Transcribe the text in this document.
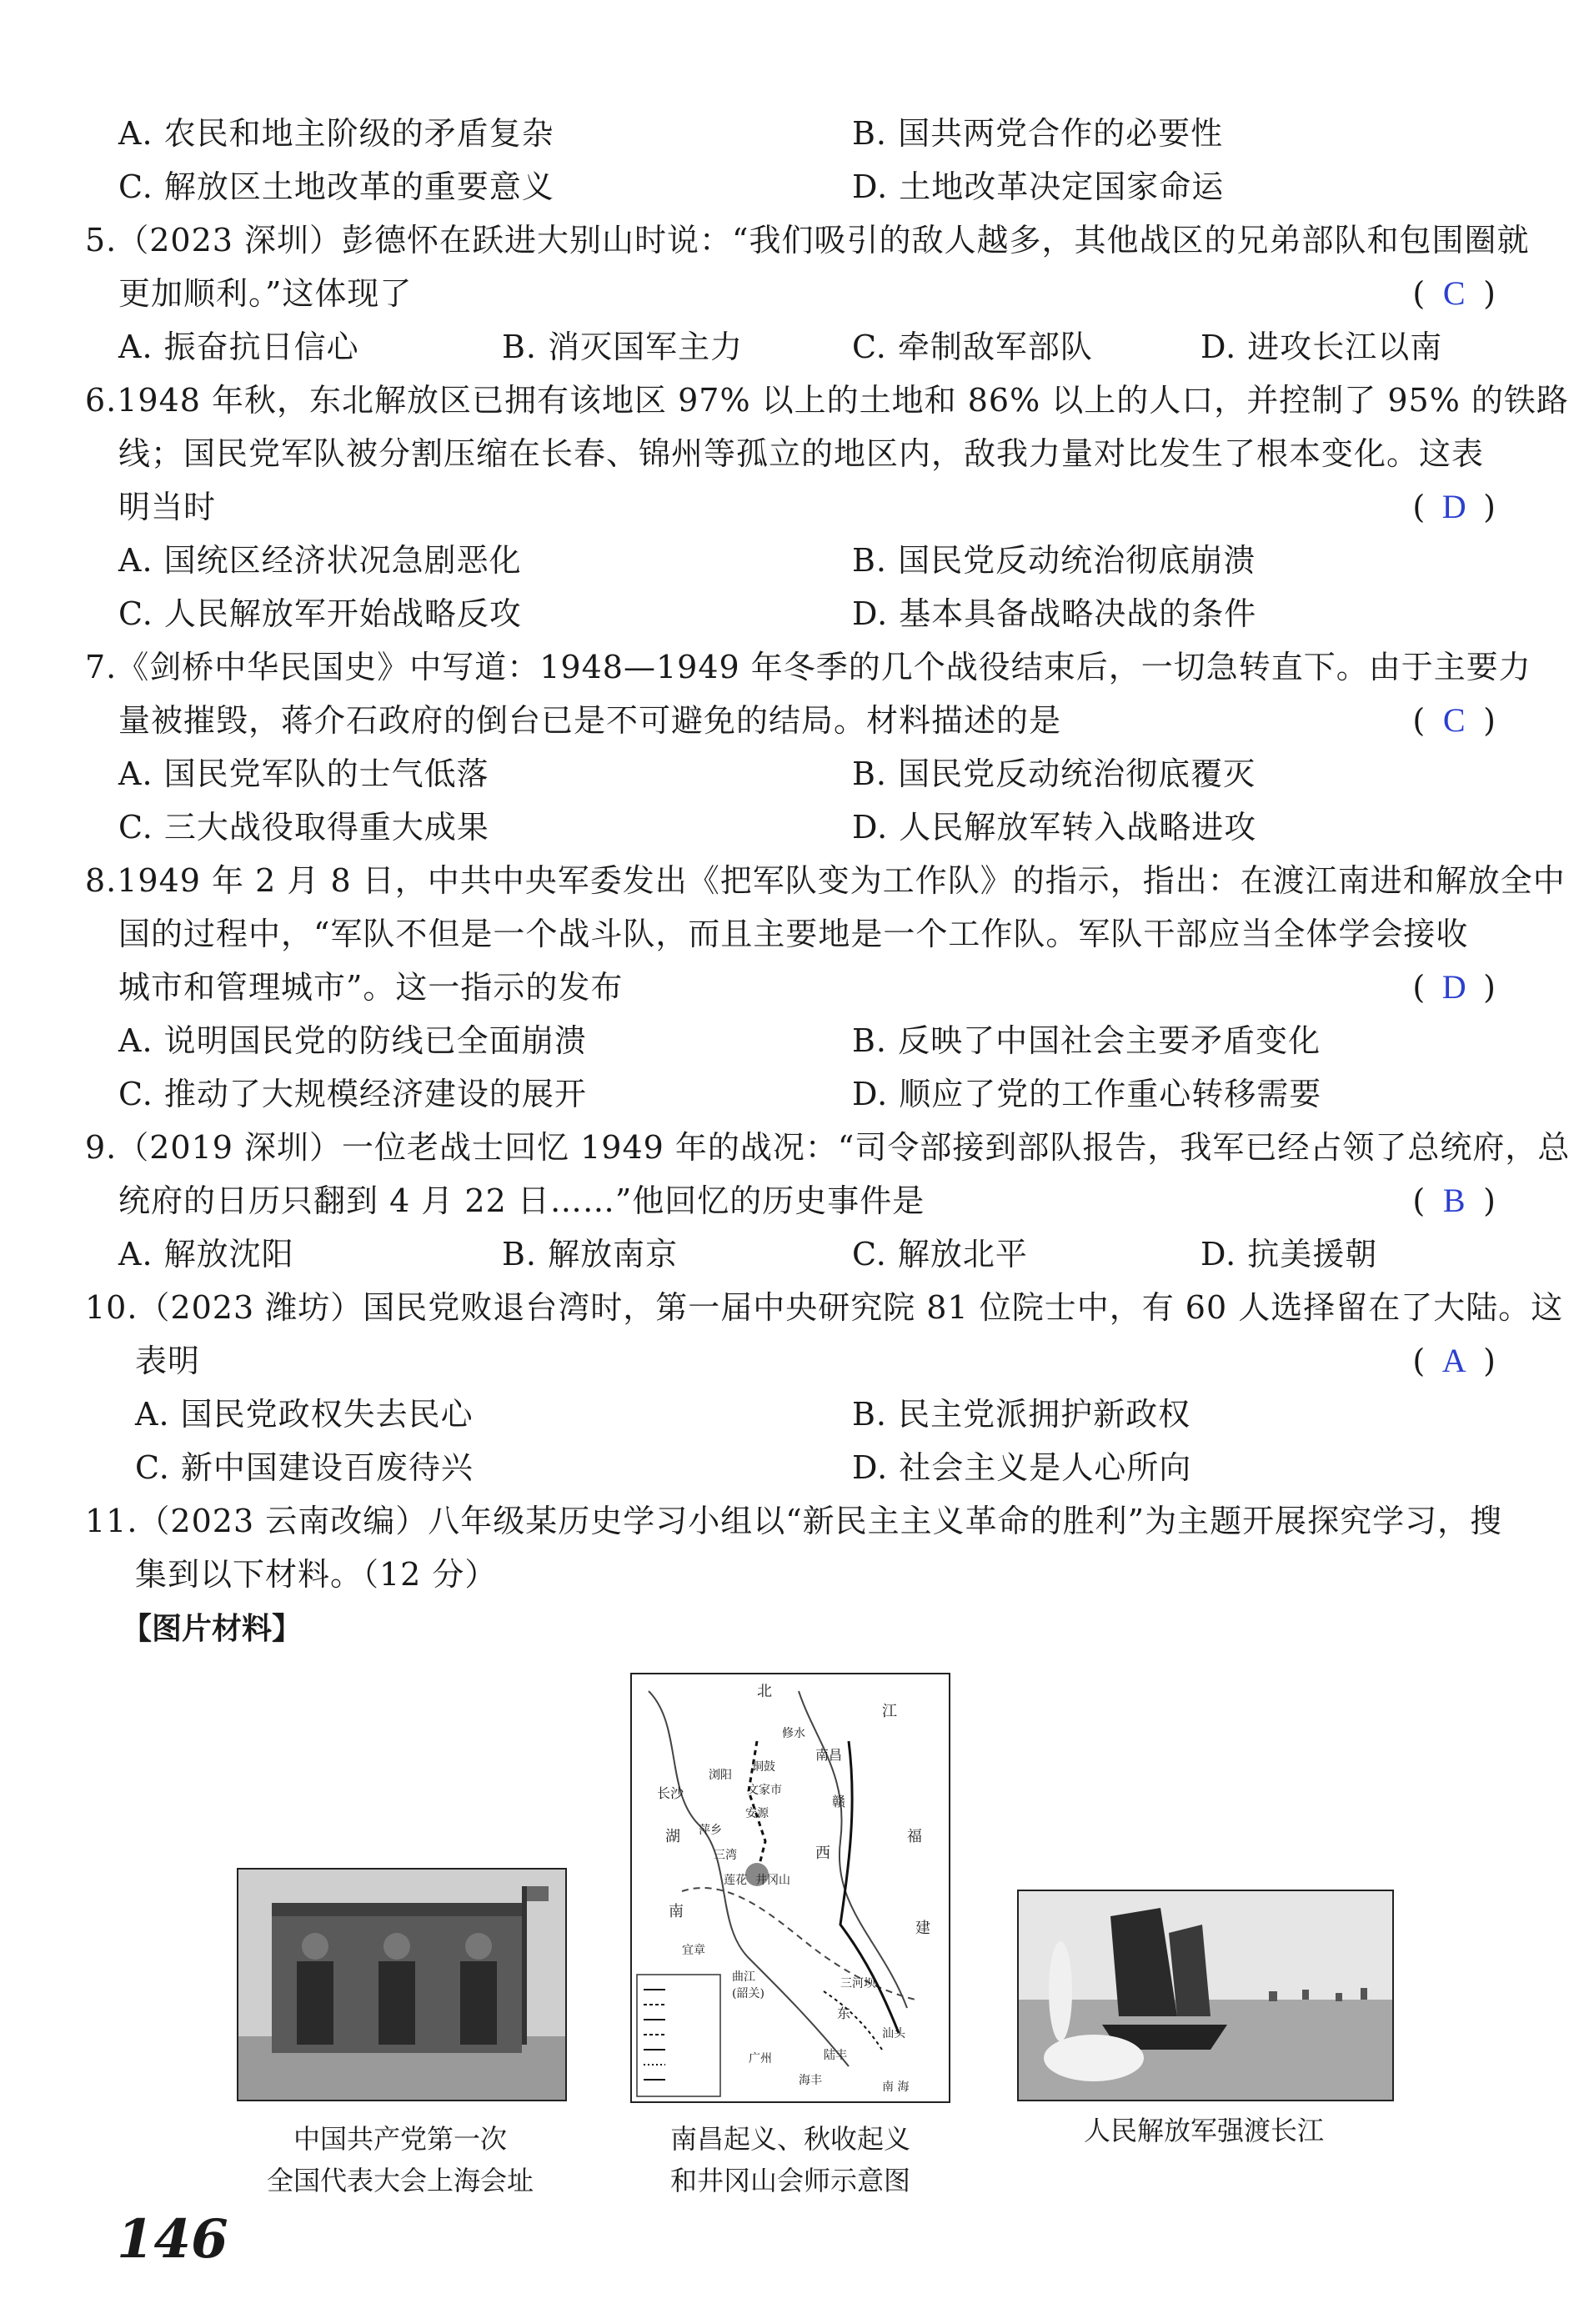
A. 农民和地主阶级的矛盾复杂	B. 国共两党合作的必要性
C. 解放区土地改革的重要意义	D. 土地改革决定国家命运
5.（2023 深圳）彭德怀在跃进大别山时说：“我们吸引的敌人越多，其他战区的兄弟部队和包围圈就
更加顺利。”这体现了	( C )
A. 振奋抗日信心	B. 消灭国军主力	C. 牵制敌军部队	D. 进攻长江以南
6.1948 年秋，东北解放区已拥有该地区 97% 以上的土地和 86% 以上的人口，并控制了 95% 的铁路
线；国民党军队被分割压缩在长春、锦州等孤立的地区内，敌我力量对比发生了根本变化。这表
明当时	( D )
A. 国统区经济状况急剧恶化	B. 国民党反动统治彻底崩溃
C. 人民解放军开始战略反攻	D. 基本具备战略决战的条件
7.《剑桥中华民国史》中写道：1948—1949 年冬季的几个战役结束后，一切急转直下。由于主要力
量被摧毁，蒋介石政府的倒台已是不可避免的结局。材料描述的是	( C )
A. 国民党军队的士气低落	B. 国民党反动统治彻底覆灭
C. 三大战役取得重大成果	D. 人民解放军转入战略进攻
8.1949 年 2 月 8 日，中共中央军委发出《把军队变为工作队》的指示，指出：在渡江南进和解放全中
国的过程中，“军队不但是一个战斗队，而且主要地是一个工作队。军队干部应当全体学会接收
城市和管理城市”。这一指示的发布	( D )
A. 说明国民党的防线已全面崩溃	B. 反映了中国社会主要矛盾变化
C. 推动了大规模经济建设的展开	D. 顺应了党的工作重心转移需要
9.（2019 深圳）一位老战士回忆 1949 年的战况：“司令部接到部队报告，我军已经占领了总统府，总
统府的日历只翻到 4 月 22 日……”他回忆的历史事件是	( B )
A. 解放沈阳	B. 解放南京	C. 解放北平	D. 抗美援朝
10.（2023 潍坊）国民党败退台湾时，第一届中央研究院 81 位院士中，有 60 人选择留在了大陆。这
表明	( A )
A. 国民党政权失去民心	B. 民主党派拥护新政权
C. 新中国建设百废待兴	D. 社会主义是人心所向
11.（2023 云南改编）八年级某历史学习小组以“新民主主义革命的胜利”为主题开展探究学习，搜
集到以下材料。（12 分）
【图片材料】
中国共产党第一次
全国代表大会上海会址
北
江
长沙
南昌
修水
浏阳
铜鼓
文家市
安源
萍乡
三湾
井冈山
湖
南
西
福
建
赣
莲花
宜章
曲江
(韶关)
三河坝
东
汕头
陆丰
海丰
广州
南 海
南昌起义、秋收起义
和井冈山会师示意图
人民解放军强渡长江
146
